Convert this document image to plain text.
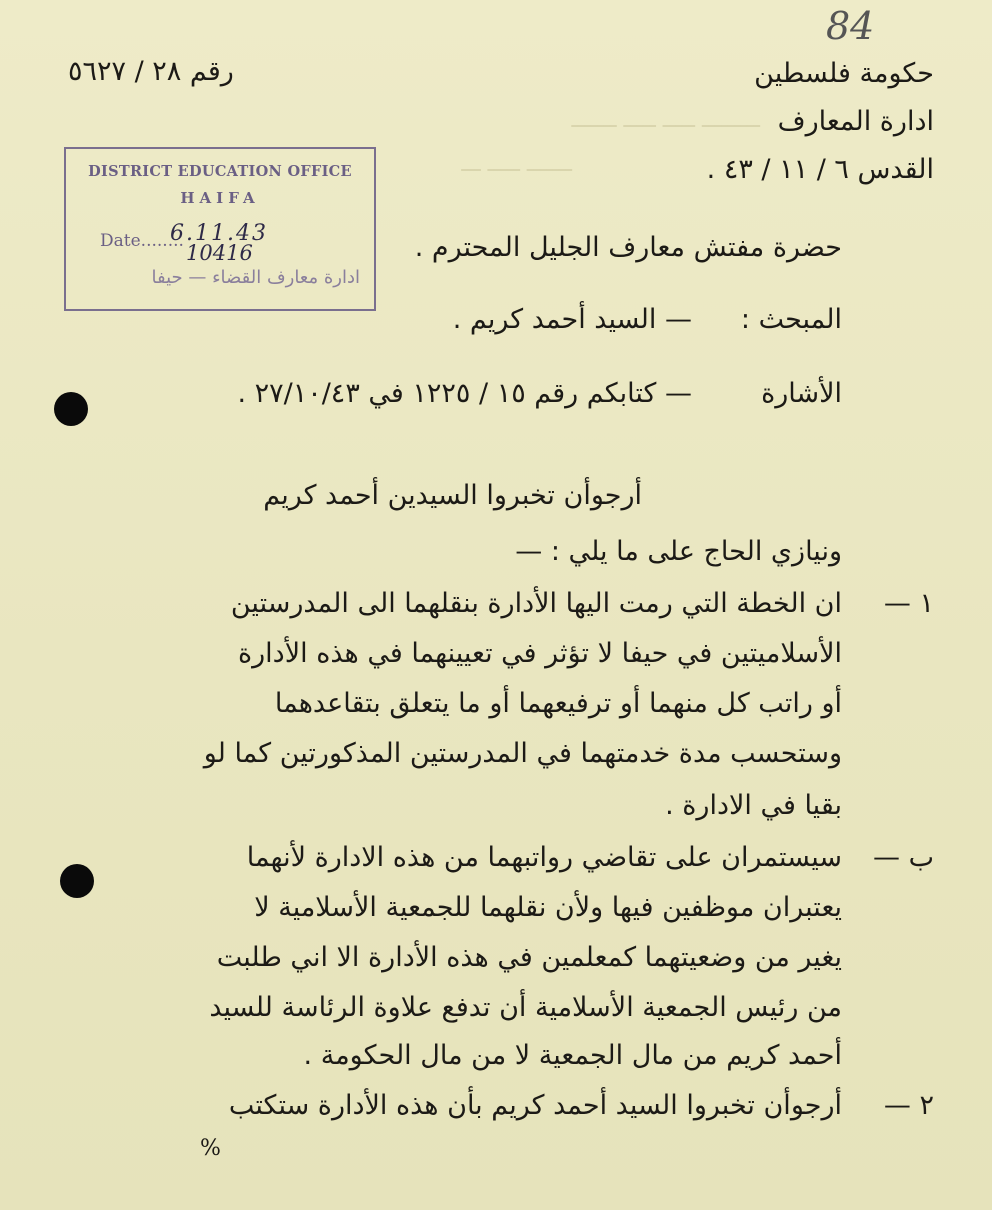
84
ـــــــــ ـــــ ـــــ ـــــــ
ـــــــ ـــــ ـــ
حكومة فلسطين
ادارة المعارف
القدس ٦ / ١١ / ٤٣ .
رقم ٢٨ / ٥٦٢٧
DISTRICT EDUCATION OFFICE
HAIFA
Date........
6.11.43
10416
ادارة معارف القضاء — حيفا
حضرة مفتش معارف الجليل المحترم .
المبحث :
— السيد أحمد كريم .
الأشارة
— كتابكم رقم ١٥ / ١٢٢٥ في ٢٧/١٠/٤٣ .
أرجوأن تخبروا السيدين أحمد كريم
ونيازي الحاج على ما يلي : —
١ —
ان الخطة التي رمت اليها الأدارة بنقلهما الى المدرستين
الأسلاميتين في حيفا لا تؤثر في تعيينهما في هذه الأدارة
أو راتب كل منهما أو ترفيعهما أو ما يتعلق بتقاعدهما
وستحسب مدة خدمتهما في المدرستين المذكورتين كما لو
بقيا في الادارة .
ب —
سيستمران على تقاضي رواتبهما من هذه الادارة لأنهما
يعتبران موظفين فيها ولأن نقلهما للجمعية الأسلامية لا
يغير من وضعيتهما كمعلمين في هذه الأدارة الا اني طلبت
من رئيس الجمعية الأسلامية أن تدفع علاوة الرئاسة للسيد
أحمد كريم من مال الجمعية لا من مال الحكومة .
٢ —
أرجوأن تخبروا السيد أحمد كريم بأن هذه الأدارة ستكتب
%
